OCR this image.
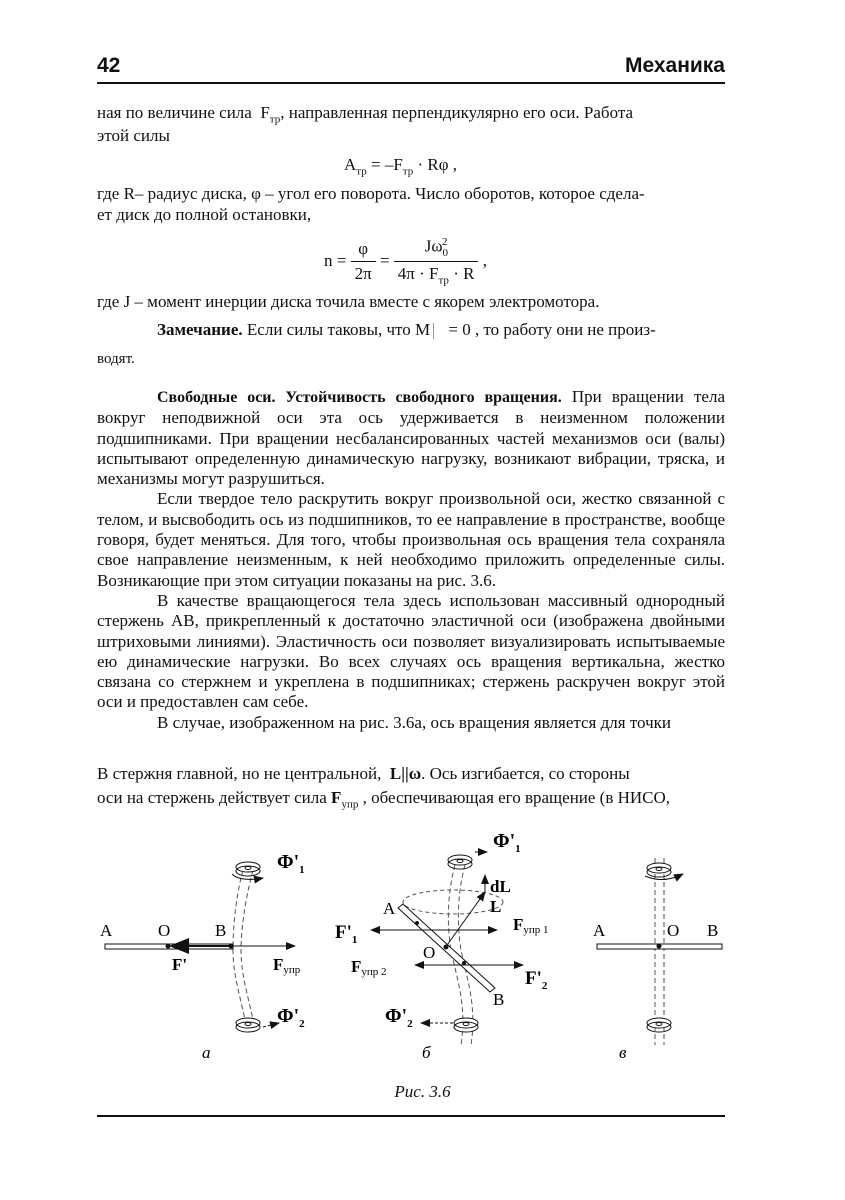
42	Механика
ная по величине сила  $F_{тр}$, направленная перпендикулярно его оси. Работа
этой силы
$A_{тр} = -F_{тр} \cdot R\varphi$ ,
где R– радиус диска, φ – угол его поворота. Число оборотов, которое сдела-
ет диск до полной остановки,
$n = \frac{\varphi}{2\pi} = \frac{J\omega_0^2}{4\pi \cdot F_{тр} \cdot R}$ ,
где J – момент инерции диска точила вместе с якорем электромотора.
Замечание. Если силы таковы, что M = 0 , то работу они не произ-
водят.

Свободные оси. Устойчивость свободного вращения. При вращении тела вокруг неподвижной оси эта ось удерживается в неизменном положении подшипниками. При вращении несбалансированных частей механизмов оси (валы) испытывают определенную динамическую нагрузку, возникают вибрации, тряска, и механизмы могут разрушиться.

Если твердое тело раскрутить вокруг произвольной оси, жестко связанной с телом, и высвободить ось из подшипников, то ее направление в пространстве, вообще говоря, будет меняться. Для того, чтобы произвольная ось вращения тела сохраняла свое направление неизменным, к ней необходимо приложить определенные силы. Возникающие при этом ситуации показаны на рис. 3.6.

В качестве вращающегося тела здесь использован массивный однородный стержень AB, прикрепленный к достаточно эластичной оси (изображена двойными штриховыми линиями). Эластичность оси позволяет визуализировать испытываемые ею динамические нагрузки. Во всех случаях ось вращения вертикальна, жестко связана со стержнем и укреплена в подшипниках; стержень раскручен вокруг этой оси и предоставлен сам себе.

В случае, изображенном на рис. 3.6а, ось вращения является для точки

B стержня главной, но не центральной, L||ω. Ось изгибается, со стороны
оси на стержень действует сила $F_{упр}$ , обеспечивающая его вращение (в НИСО,
$\Phi'_1$
$\Phi'_2$
A	O	B
F'	Fупр
а
$\Phi'_1$
dL
L
A
O
B
$F'_1$
Fупр 1
Fупр 2	$F'_2$
$\Phi'_2$
б
A	O B
в
Рис. 3.6
